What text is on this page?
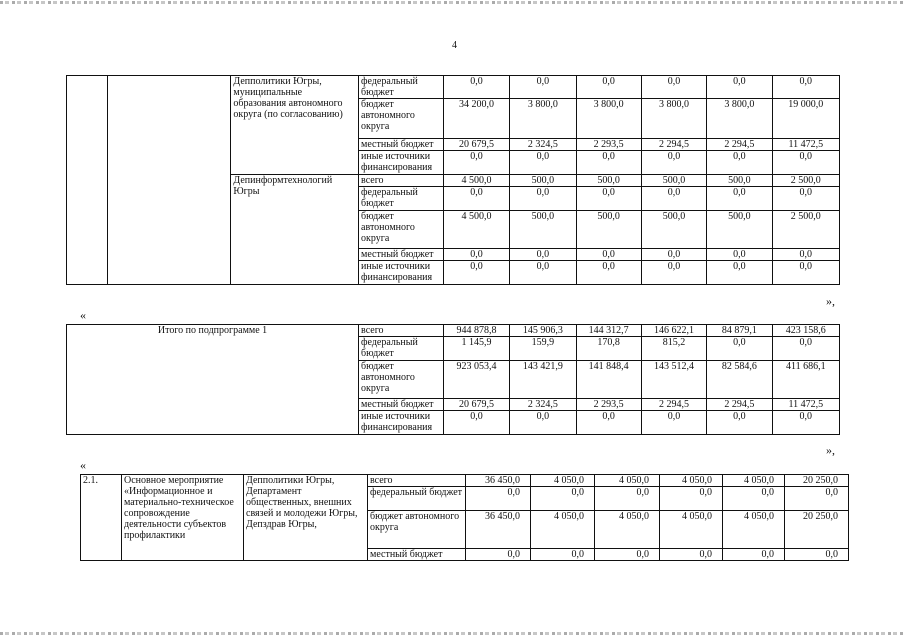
4
		Депполитики Югры, муниципальные образования автономного округа (по согласованию)	федеральный бюджет	0,0	0,0	0,0	0,0	0,0	0,0
			бюджет автономного округа	34 200,0	3 800,0	3 800,0	3 800,0	3 800,0	19 000,0
			местный бюджет	20 679,5	2 324,5	2 293,5	2 294,5	2 294,5	11 472,5
			иные источники финансирования	0,0	0,0	0,0	0,0	0,0	0,0
		Депинформтехнологий Югры	всего	4 500,0	500,0	500,0	500,0	500,0	2 500,0
			федеральный бюджет	0,0	0,0	0,0	0,0	0,0	0,0
			бюджет автономного округа	4 500,0	500,0	500,0	500,0	500,0	2 500,0
			местный бюджет	0,0	0,0	0,0	0,0	0,0	0,0
			иные источники финансирования	0,0	0,0	0,0	0,0	0,0	0,0
»,
«
Итого по подпрограмме 1	всего	944 878,8	145 906,3	144 312,7	146 622,1	84 879,1	423 158,6
	федеральный бюджет	1 145,9	159,9	170,8	815,2	0,0	0,0
	бюджет автономного округа	923 053,4	143 421,9	141 848,4	143 512,4	82 584,6	411 686,1
	местный бюджет	20 679,5	2 324,5	2 293,5	2 294,5	2 294,5	11 472,5
	иные источники финансирования	0,0	0,0	0,0	0,0	0,0	0,0
»,
«
2.1.	Основное мероприятие «Информационное и материально-техническое сопровождение деятельности субъектов профилактики	Депполитики Югры, Департамент общественных, внешних связей и молодежи Югры, Депздрав Югры,	всего	36 450,0	4 050,0	4 050,0	4 050,0	4 050,0	20 250,0
			федеральный бюджет	0,0	0,0	0,0	0,0	0,0	0,0
			бюджет автономного округа	36 450,0	4 050,0	4 050,0	4 050,0	4 050,0	20 250,0
			местный бюджет	0,0	0,0	0,0	0,0	0,0	0,0
